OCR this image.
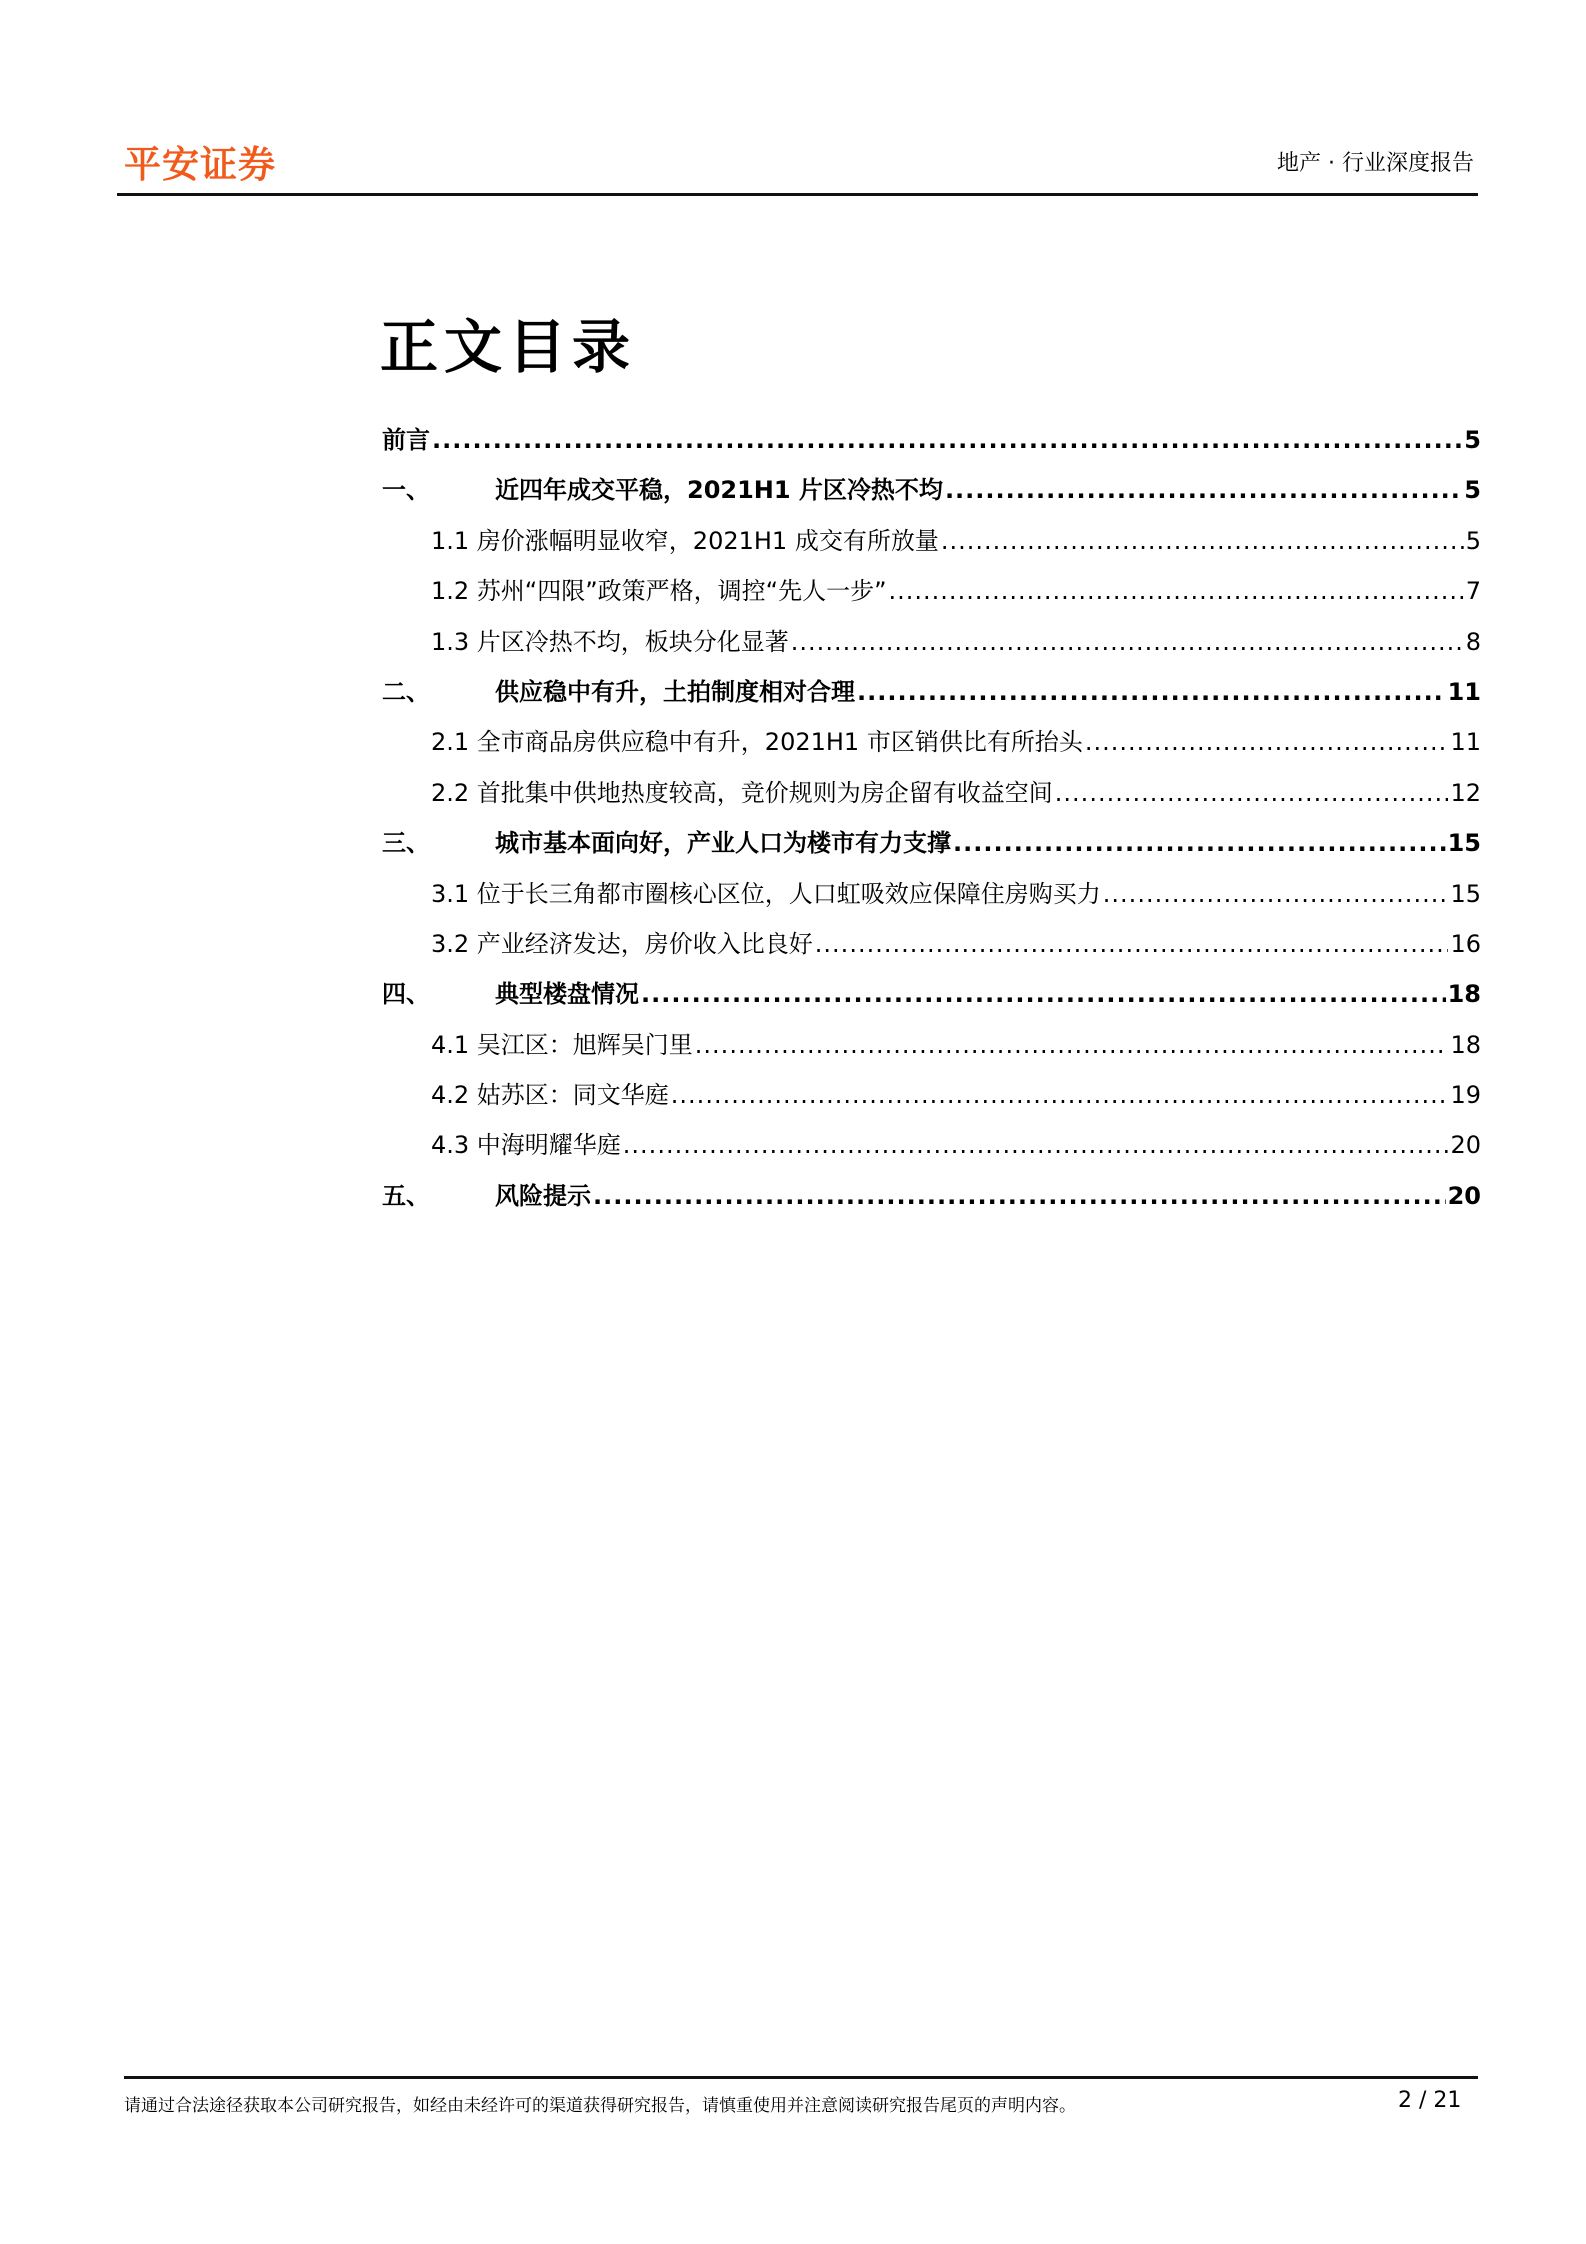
平安证券	地产 · 行业深度报告
正文目录
前言 .....	5
一、	近四年成交平稳，2021H1 片区冷热不均 .....	5
1.1 房价涨幅明显收窄，2021H1 成交有所放量 .....	5
1.2 苏州“四限”政策严格，调控“先人一步” .....	7
1.3 片区冷热不均，板块分化显著 .....	8
二、	供应稳中有升，土拍制度相对合理 .....	11
2.1 全市商品房供应稳中有升，2021H1 市区销供比有所抬头 .....	11
2.2 首批集中供地热度较高，竞价规则为房企留有收益空间 .....	12
三、	城市基本面向好，产业人口为楼市有力支撑 .....	15
3.1 位于长三角都市圈核心区位，人口虹吸效应保障住房购买力 .....	15
3.2 产业经济发达，房价收入比良好 .....	16
四、	典型楼盘情况 .....	18
4.1 吴江区：旭辉吴门里 .....	18
4.2 姑苏区：同文华庭 .....	19
4.3 中海明耀华庭 .....	20
五、	风险提示 .....	20
请通过合法途径获取本公司研究报告，如经由未经许可的渠道获得研究报告，请慎重使用并注意阅读研究报告尾页的声明内容。	2 / 21
